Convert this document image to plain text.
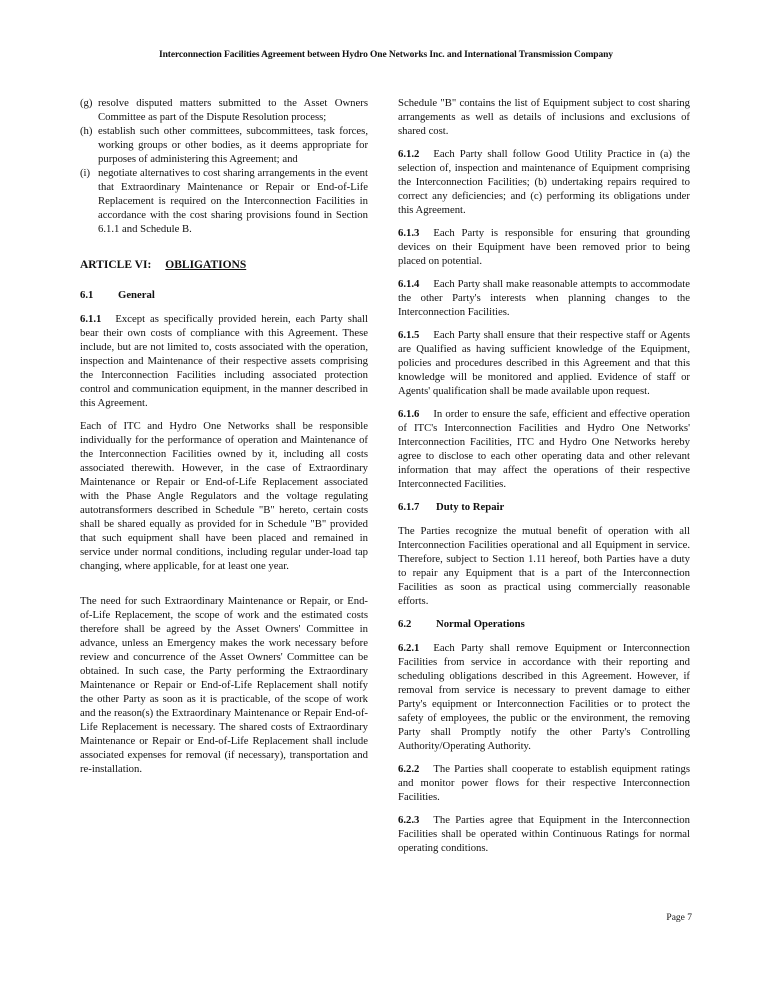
Interconnection Facilities Agreement between Hydro One Networks Inc. and International Transmission Company
(g) resolve disputed matters submitted to the Asset Owners Committee as part of the Dispute Resolution process;
(h) establish such other committees, subcommittees, task forces, working groups or other bodies, as it deems appropriate for purposes of administering this Agreement; and
(i) negotiate alternatives to cost sharing arrangements in the event that Extraordinary Maintenance or Repair or End-of-Life Replacement is required on the Interconnection Facilities in accordance with the cost sharing provisions found in Section 6.1.1 and Schedule B.
ARTICLE VI: OBLIGATIONS
6.1 General

6.1.1 Except as specifically provided herein, each Party shall bear their own costs of compliance with this Agreement. These include, but are not limited to, costs associated with the operation, inspection and Maintenance of their respective assets comprising the Interconnection Facilities including associated protection control and communication equipment, in the manner described in this Agreement.

Each of ITC and Hydro One Networks shall be responsible individually for the performance of operation and Maintenance of the Interconnection Facilities owned by it, including all costs associated therewith. However, in the case of Extraordinary Maintenance or Repair or End-of-Life Replacement associated with the Phase Angle Regulators and the voltage regulating autotransformers described in Schedule "B" hereto, certain costs shall be shared equally as provided for in Schedule "B" provided that such equipment shall have been placed and remained in service under normal conditions, including regular under-load tap changing, where applicable, for at least one year.

The need for such Extraordinary Maintenance or Repair, or End-of-Life Replacement, the scope of work and the estimated costs therefore shall be agreed by the Asset Owners' Committee in advance, unless an Emergency makes the work necessary before review and concurrence of the Asset Owners' Committee can be obtained. In such case, the Party performing the Extraordinary Maintenance or Repair or End-of-Life Replacement shall notify the other Party as soon as it is practicable, of the scope of work and the reason(s) the Extraordinary Maintenance or Repair End-of-Life Replacement is necessary. The shared costs of Extraordinary Maintenance or Repair or End-of-Life Replacement shall include associated expenses for removal (if necessary), transportation and re-installation.

Schedule "B" contains the list of Equipment subject to cost sharing arrangements as well as details of inclusions and exclusions of shared cost.

6.1.2 Each Party shall follow Good Utility Practice in (a) the selection of, inspection and maintenance of Equipment comprising the Interconnection Facilities; (b) undertaking repairs required to correct any deficiencies; and (c) performing its obligations under this Agreement.

6.1.3 Each Party is responsible for ensuring that grounding devices on their Equipment have been removed prior to being placed on potential.

6.1.4 Each Party shall make reasonable attempts to accommodate the other Party's interests when planning changes to the Interconnection Facilities.

6.1.5 Each Party shall ensure that their respective staff or Agents are Qualified as having sufficient knowledge of the Equipment, policies and procedures described in this Agreement and that this knowledge will be monitored and applied. Evidence of staff or Agents' qualification shall be made available upon request.

6.1.6 In order to ensure the safe, efficient and effective operation of ITC's Interconnection Facilities and Hydro One Networks' Interconnection Facilities, ITC and Hydro One Networks hereby agree to disclose to each other operating data and other relevant information that may affect the operations of their respective Interconnected Facilities.

6.1.7 Duty to Repair

The Parties recognize the mutual benefit of operation with all Interconnection Facilities operational and all Equipment in service. Therefore, subject to Section 1.11 hereof, both Parties have a duty to repair any Equipment that is a part of the Interconnection Facilities as soon as practical using commercially reasonable efforts.

6.2 Normal Operations

6.2.1 Each Party shall remove Equipment or Interconnection Facilities from service in accordance with their reporting and scheduling obligations described in this Agreement. However, if removal from service is necessary to prevent damage to either Party's equipment or Interconnection Facilities or to protect the safety of employees, the public or the environment, the removing Party shall Promptly notify the other Party's Controlling Authority/Operating Authority.

6.2.2 The Parties shall cooperate to establish equipment ratings and monitor power flows for their respective Interconnection Facilities.

6.2.3 The Parties agree that Equipment in the Interconnection Facilities shall be operated within Continuous Ratings for normal operating conditions.

Page 7
